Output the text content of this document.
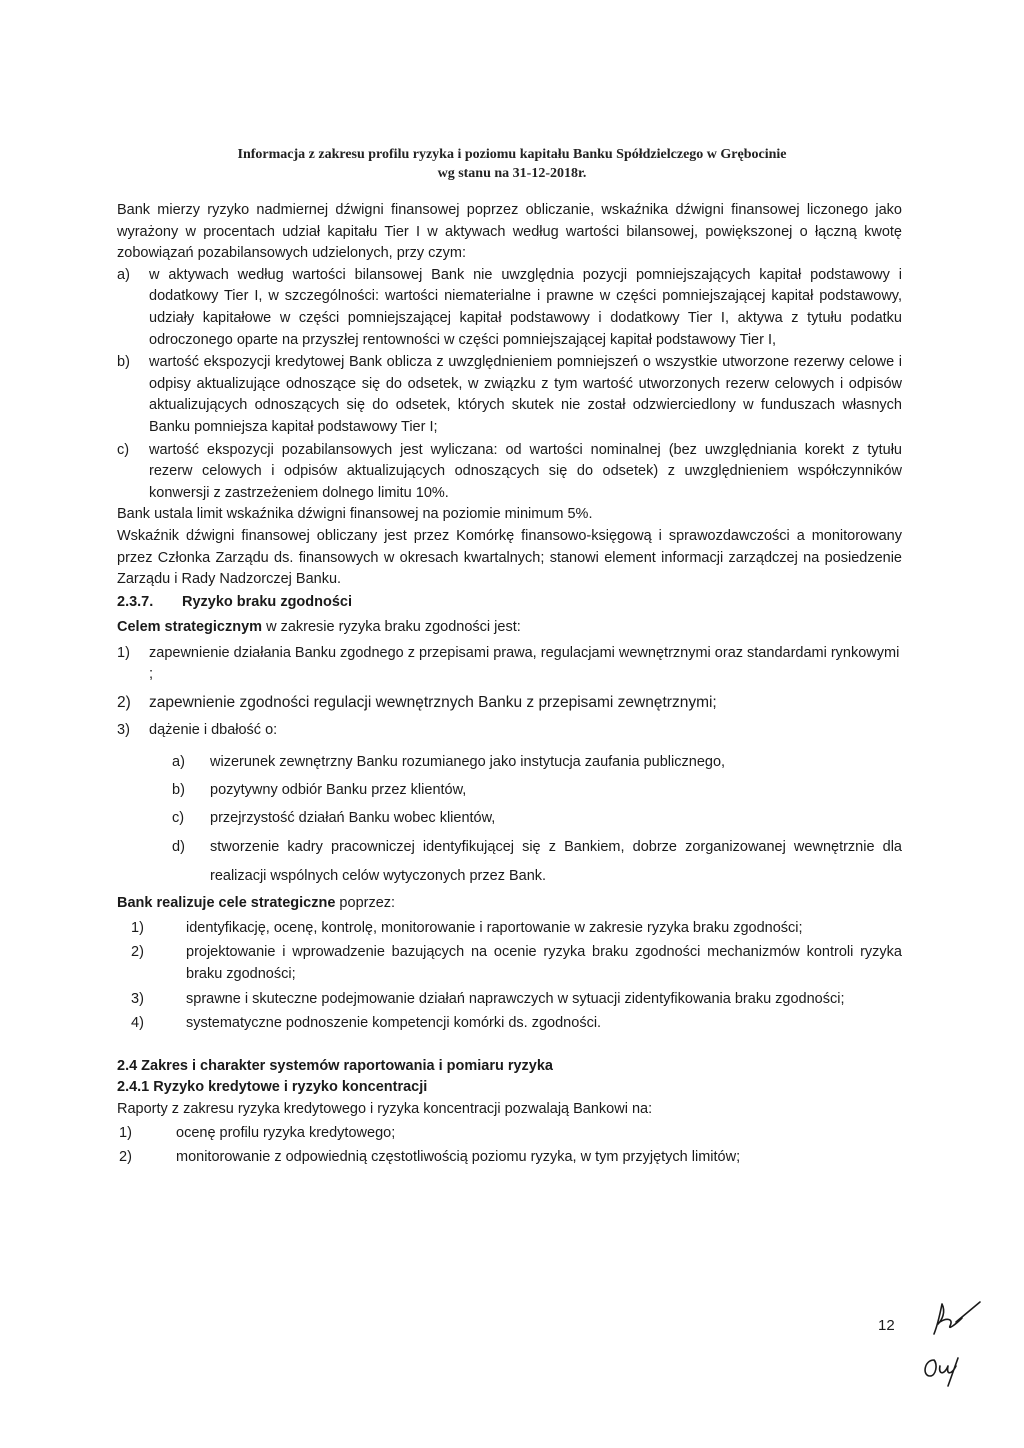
Informacja z zakresu profilu ryzyka i poziomu kapitału Banku Spółdzielczego w Grębocinie
wg stanu na 31-12-2018r.

Bank mierzy ryzyko nadmiernej dźwigni finansowej poprzez obliczanie, wskaźnika dźwigni finansowej liczonego jako wyrażony w procentach udział kapitału Tier I w aktywach według wartości bilansowej, powiększonej o łączną kwotę zobowiązań pozabilansowych udzielonych, przy czym:

a)	w aktywach według wartości bilansowej Bank nie uwzględnia pozycji pomniejszających kapitał podstawowy i dodatkowy Tier I, w szczególności: wartości niematerialne i prawne w części pomniejszającej kapitał podstawowy, udziały kapitałowe w części pomniejszającej kapitał podstawowy i dodatkowy Tier I, aktywa z tytułu podatku odroczonego oparte na przyszłej rentowności w części pomniejszającej kapitał podstawowy Tier I,
b)	wartość ekspozycji kredytowej Bank oblicza z uwzględnieniem pomniejszeń o wszystkie utworzone rezerwy celowe i odpisy aktualizujące odnoszące się do odsetek, w związku z tym wartość utworzonych rezerw celowych i odpisów aktualizujących odnoszących się do odsetek, których skutek nie został odzwierciedlony w funduszach własnych Banku pomniejsza kapitał podstawowy Tier I;
c)	wartość ekspozycji pozabilansowych jest wyliczana: od wartości nominalnej (bez uwzględniania korekt z tytułu rezerw celowych i odpisów aktualizujących odnoszących się do odsetek) z uwzględnieniem współczynników konwersji z zastrzeżeniem dolnego limitu 10%.

Bank ustala limit wskaźnika dźwigni finansowej na poziomie minimum 5%.

Wskaźnik dźwigni finansowej obliczany jest przez Komórkę finansowo-księgową i sprawozdawczości a monitorowany przez Członka Zarządu ds. finansowych w okresach kwartalnych; stanowi element informacji zarządczej na posiedzenie Zarządu i Rady Nadzorczej Banku.

2.3.7. Ryzyko braku zgodności

Celem strategicznym w zakresie ryzyka braku zgodności jest:

1)	zapewnienie działania Banku zgodnego z przepisami prawa, regulacjami wewnętrznymi oraz standardami rynkowymi ;
2)	zapewnienie zgodności regulacji wewnętrznych Banku z przepisami zewnętrznymi;
3)	dążenie i dbałość o:
a)	wizerunek zewnętrzny Banku rozumianego jako instytucja zaufania publicznego,
b)	pozytywny odbiór Banku przez klientów,
c)	przejrzystość działań Banku wobec klientów,
d)	stworzenie kadry pracowniczej identyfikującej się z Bankiem, dobrze zorganizowanej wewnętrznie dla realizacji wspólnych celów wytyczonych przez Bank.

Bank realizuje cele strategiczne poprzez:

1)	identyfikację, ocenę, kontrolę, monitorowanie i raportowanie w zakresie ryzyka braku zgodności;
2)	projektowanie i wprowadzenie bazujących na ocenie ryzyka braku zgodności mechanizmów kontroli ryzyka braku zgodności;
3)	sprawne i skuteczne podejmowanie działań naprawczych w sytuacji zidentyfikowania braku zgodności;
4)	systematyczne podnoszenie kompetencji komórki ds. zgodności.
2.4 Zakres i charakter systemów raportowania i pomiaru ryzyka
2.4.1 Ryzyko kredytowe i ryzyko koncentracji

Raporty z zakresu ryzyka kredytowego i ryzyka koncentracji pozwalają Bankowi na:

1)	ocenę profilu ryzyka kredytowego;
2)	monitorowanie z odpowiednią częstotliwością poziomu ryzyka, w tym przyjętych limitów;
12
